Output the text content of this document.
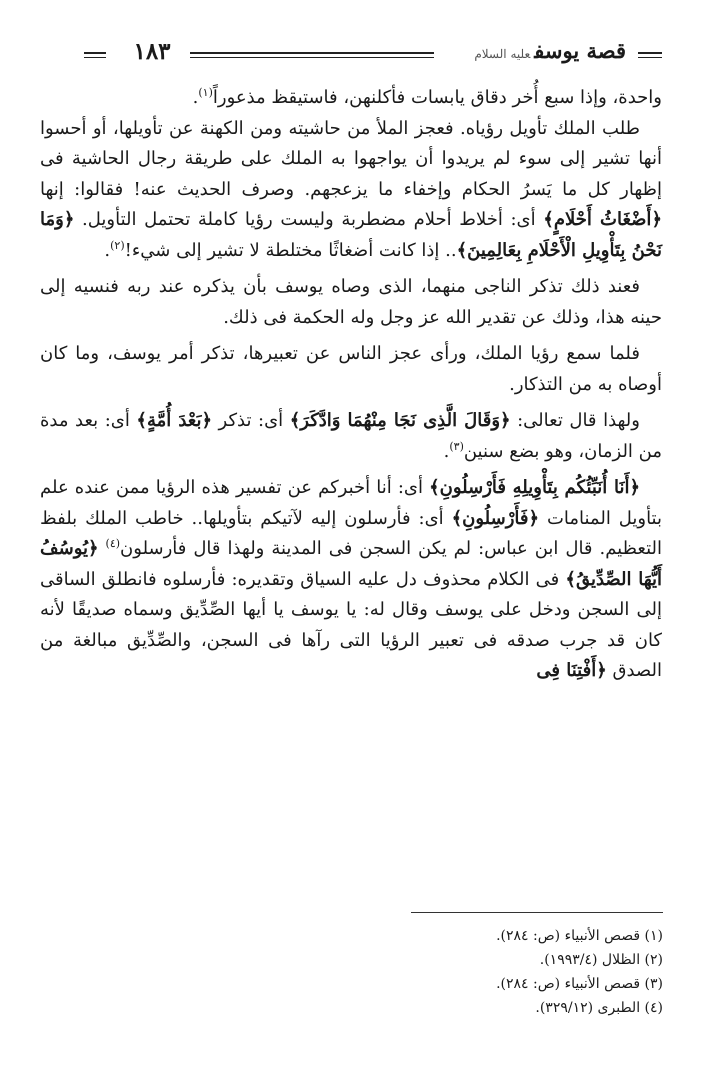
١٨٣	قصة يوسفعليه السلام

واحدة، وإذا سبع أُخر دقاق يابسات فأكلنهن، فاستيقظ مذعوراً$^{(١)}$.

طلب الملك تأويل رؤياه. فعجز الملأ من حاشيته ومن الكهنة عن تأويلها، أو أحسوا أنها تشير إلى سوء لم يريدوا أن يواجهوا به الملك على طريقة رجال الحاشية فى إظهار كل ما يَسرُ الحكام وإخفاء ما يزعجهم. وصرف الحديث عنه! فقالوا: إنها ﴿أَضْغَاثُ أَحْلَامٍ﴾ أى: أخلاط أحلام مضطربة وليست رؤيا كاملة تحتمل التأويل. ﴿وَمَا نَحْنُ بِتَأْوِيلِ الْأَحْلَامِ بِعَالِمِينَ﴾.. إذا كانت أضغاثًا مختلطة لا تشير إلى شيء!$^{(٢)}$.

فعند ذلك تذكر الناجى منهما، الذى وصاه يوسف بأن يذكره عند ربه فنسيه إلى حينه هذا، وذلك عن تقدير الله عز وجل وله الحكمة فى ذلك.

فلما سمع رؤيا الملك، ورأى عجز الناس عن تعبيرها، تذكر أمر يوسف، وما كان أوصاه به من التذكار.

ولهذا قال تعالى: ﴿وَقَالَ الَّذِى نَجَا مِنْهُمَا وَادَّكَرَ﴾ أى: تذكر ﴿بَعْدَ أُمَّةٍ﴾ أى: بعد مدة من الزمان، وهو بضع سنين$^{(٣)}$.

﴿أَنَا أُنَبِّئُكُم بِتَأْوِيلِهِ فَأَرْسِلُونِ﴾ أى: أنا أخبركم عن تفسير هذه الرؤيا ممن عنده علم بتأويل المنامات ﴿فَأَرْسِلُونِ﴾ أى: فأرسلون إليه لآتيكم بتأويلها.. خاطب الملك بلفظ التعظيم. قال ابن عباس: لم يكن السجن فى المدينة ولهذا قال فأرسلون$^{(٤)}$ ﴿يُوسُفُ أَيُّهَا الصِّدِّيقُ﴾ فى الكلام محذوف دل عليه السياق وتقديره: فأرسلوه فانطلق الساقى إلى السجن ودخل على يوسف وقال له: يا يوسف يا أيها الصِّدِّيق وسماه صديقًا لأنه كان قد جرب صدقه فى تعبير الرؤيا التى رآها فى السجن، والصِّدِّيق مبالغة من الصدق ﴿أَفْتِنَا فِى

(١) قصص الأنبياء (ص: ٢٨٤).
(٢) الظلال (١٩٩٣/٤).
(٣) قصص الأنبياء (ص: ٢٨٤).
(٤) الطبرى (٣٢٩/١٢).
